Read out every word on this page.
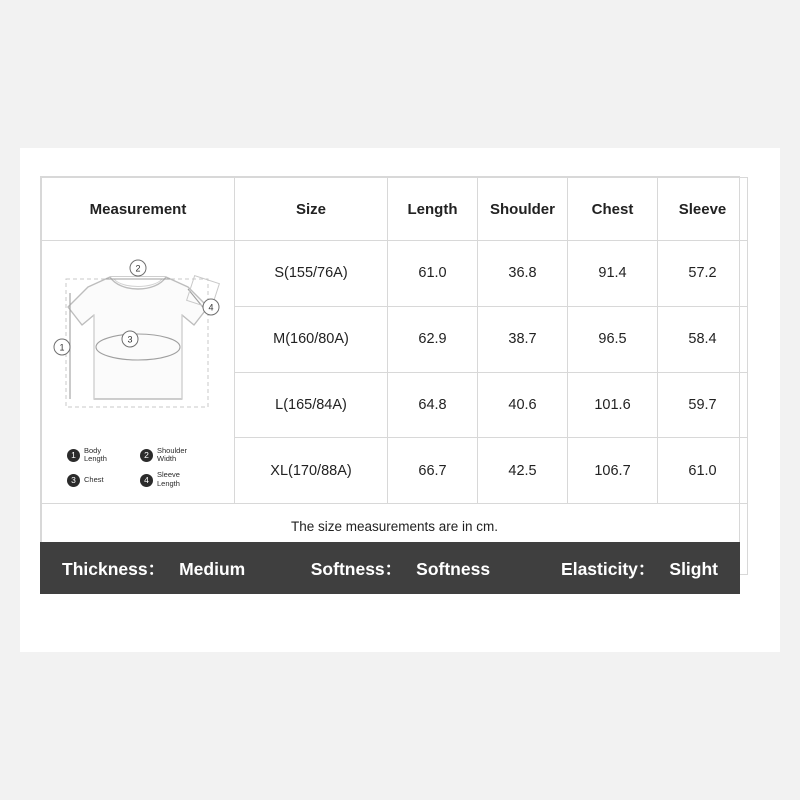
Measurement	Size	Length	Shoulder	Chest	Sleeve

2
1
3
4
1	Body
Length	2	Shoulder
Width
3	Chest	4	Sleeve
Length
	S(155/76A)	61.0	36.8	91.4	57.2
	M(160/80A)	62.9	38.7	96.5	58.4
	L(165/84A)	64.8	40.6	101.6	59.7
	XL(170/88A)	66.7	42.5	106.7	61.0

The size measurements are in cm.					
Thickness： Medium	Softness： Softness	Elasticity： Slight
